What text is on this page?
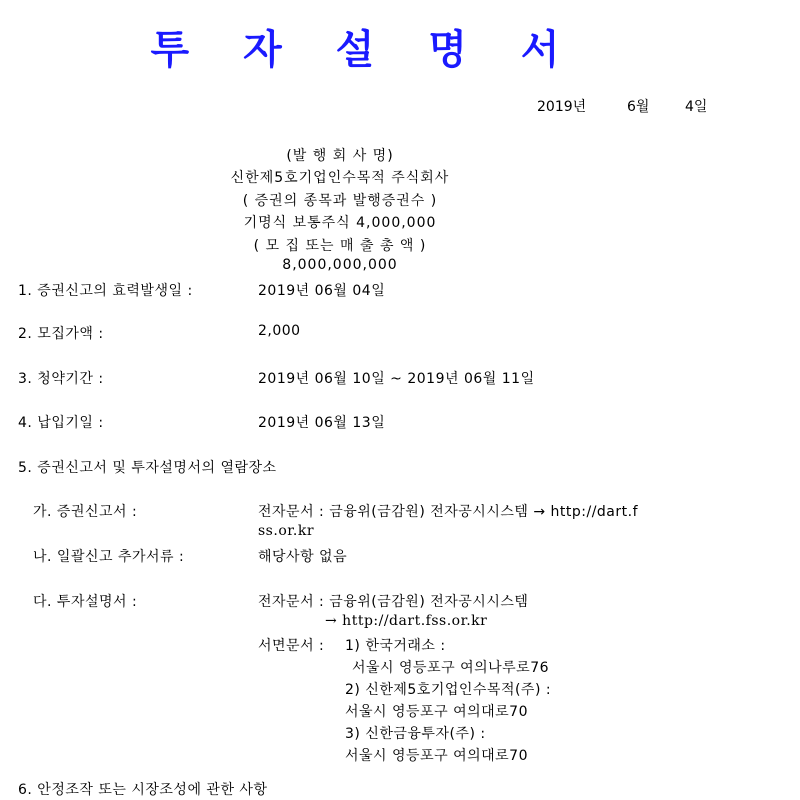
투 자 설 명 서
2019년	6월	4일
(발 행 회 사 명)
신한제5호기업인수목적 주식회사
( 증권의 종목과 발행증권수 )
기명식 보통주식 4,000,000
( 모 집 또는 매 출 총 액 )
8,000,000,000
1. 증권신고의 효력발생일 :	2019년 06월 04일
2. 모집가액 :	2,000
3. 청약기간 :	2019년 06월 10일 ~ 2019년 06월 11일
4. 납입기일 :	2019년 06월 13일
5. 증권신고서 및 투자설명서의 열람장소
가. 증권신고서 :	전자문서 : 금융위(금감원) 전자공시시스템 → http://dart.f
ss.or.kr
나. 일괄신고 추가서류 :	해당사항 없음
다. 투자설명서 :	전자문서 : 금융위(금감원) 전자공시시스템
→ http://dart.fss.or.kr
서면문서 : 1) 한국거래소 :
서울시 영등포구 여의나루로76
2) 신한제5호기업인수목적(주) :
서울시 영등포구 여의대로70
3) 신한금융투자(주) :
서울시 영등포구 여의대로70
6. 안정조작 또는 시장조성에 관한 사항
